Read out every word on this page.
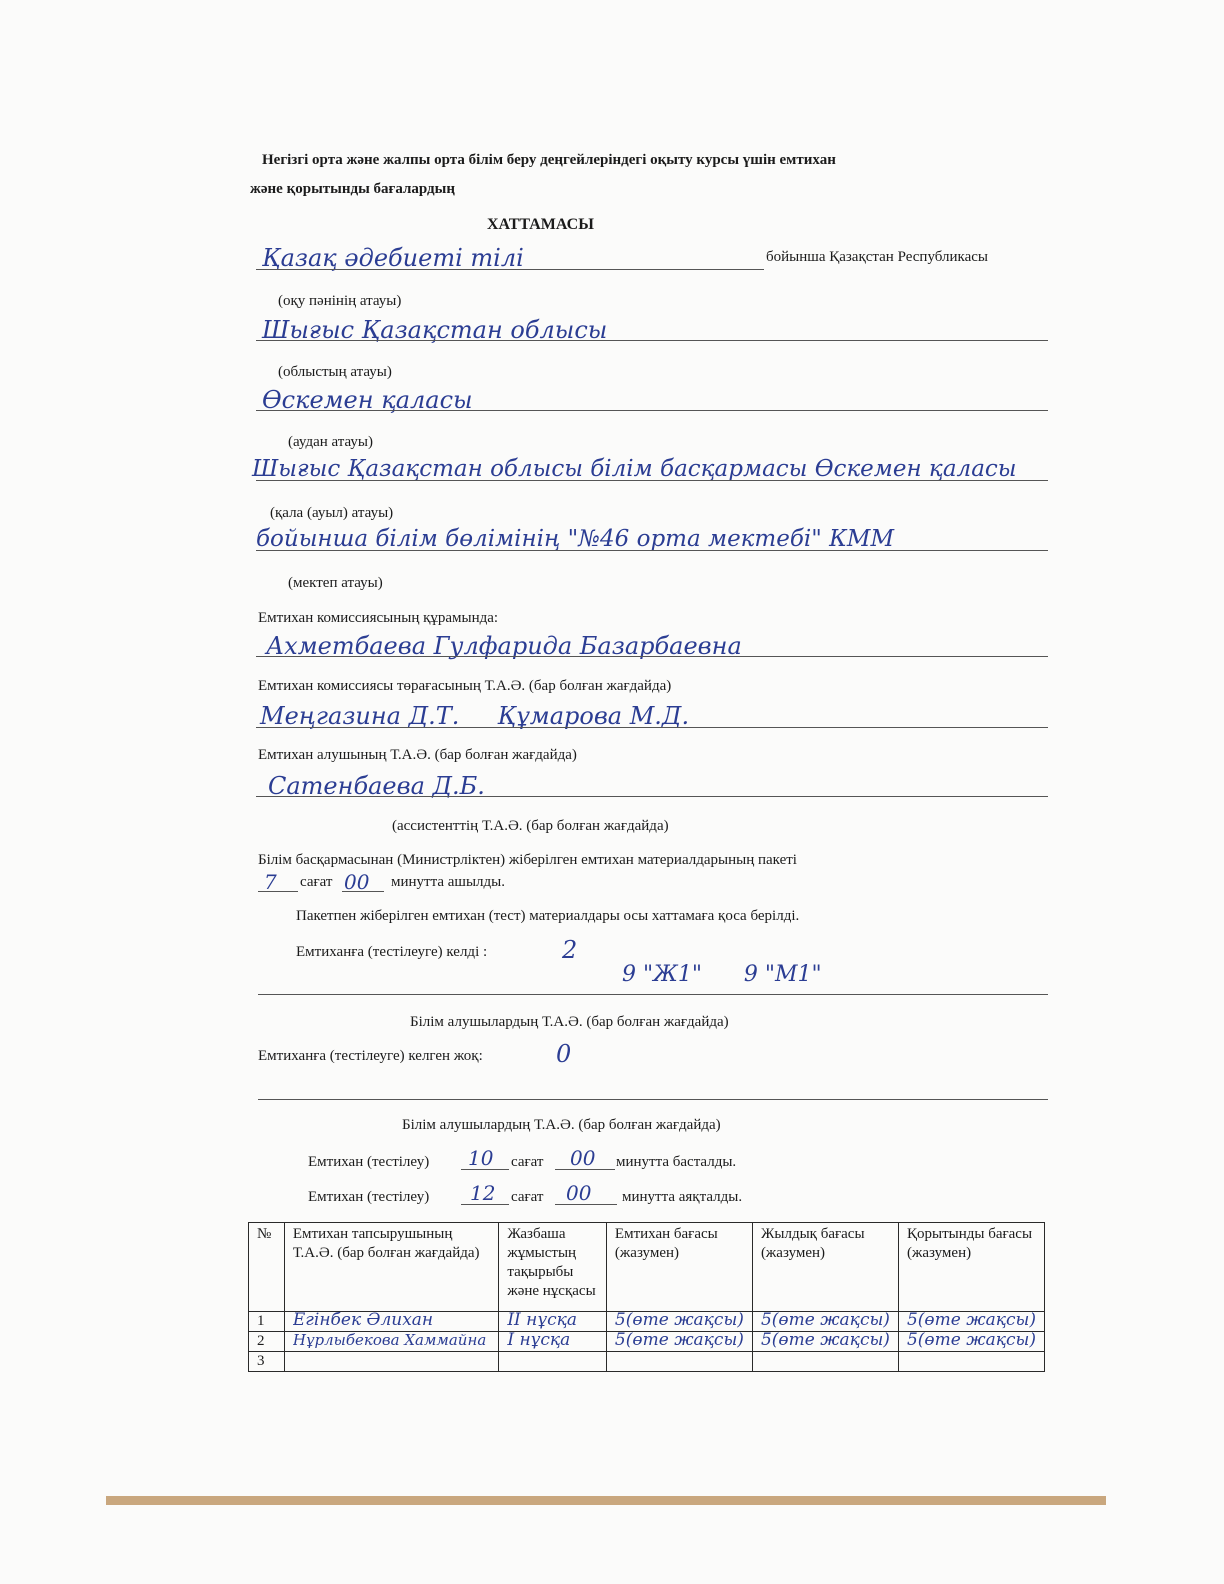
Негізгі орта және жалпы орта білім беру деңгейлеріндегі оқыту курсы үшін емтихан
және қорытынды бағалардың
ХАТТАМАСЫ
Қазақ әдебиеті тілі	бойынша Қазақстан Республикасы
(оқу пәнінің атауы)
Шығыс Қазақстан облысы
(облыстың атауы)
Өскемен қаласы
(аудан атауы)
Шығыс Қазақстан облысы білім басқармасы Өскемен қаласы
(қала (ауыл) атауы)
бойынша білім бөлімінің "№46 орта мектебі" КММ
(мектеп атауы)
Емтихан комиссиясының құрамында:
Ахметбаева Гулфарида Базарбаевна
Емтихан комиссиясы төрағасының Т.А.Ә. (бар болған жағдайда)
Меңгазина Д.Т.     Құмарова М.Д.
Емтихан алушының Т.А.Ә. (бар болған жағдайда)
Сатенбаева Д.Б.
(ассистенттің Т.А.Ә. (бар болған жағдайда)
Білім басқармасынан (Министрліктен) жіберілген емтихан материалдарының пакеті
7 сағат 00 минутта ашылды.
Пакетпен жіберілген емтихан (тест) материалдары осы хаттамаға қоса берілді.
Емтиханға (тестілеуге) келді :	2
9 "Ж1"      9 "М1"
Білім алушылардың Т.А.Ә. (бар болған жағдайда)
Емтиханға (тестілеуге) келген жоқ:	0
Білім алушылардың Т.А.Ә. (бар болған жағдайда)
Емтихан (тестілеу) 10 сағат 00 минутта басталды.
Емтихан (тестілеу) 12 сағат 00 минутта аяқталды.
№	Емтихан тапсырушының Т.А.Ә. (бар болған жағдайда)	Жазбаша жұмыстың тақырыбы және нұсқасы	Емтихан бағасы (жазумен)	Жылдық бағасы (жазумен)	Қорытынды бағасы (жазумен)
1	Егінбек Әлихан	ІІ нұсқа	5(өте жақсы)	5(өте жақсы)	5(өте жақсы)

2	Нұрлыбекова Хаммайна	І нұсқа	5(өте жақсы)	5(өте жақсы)	5(өте жақсы)

3	
